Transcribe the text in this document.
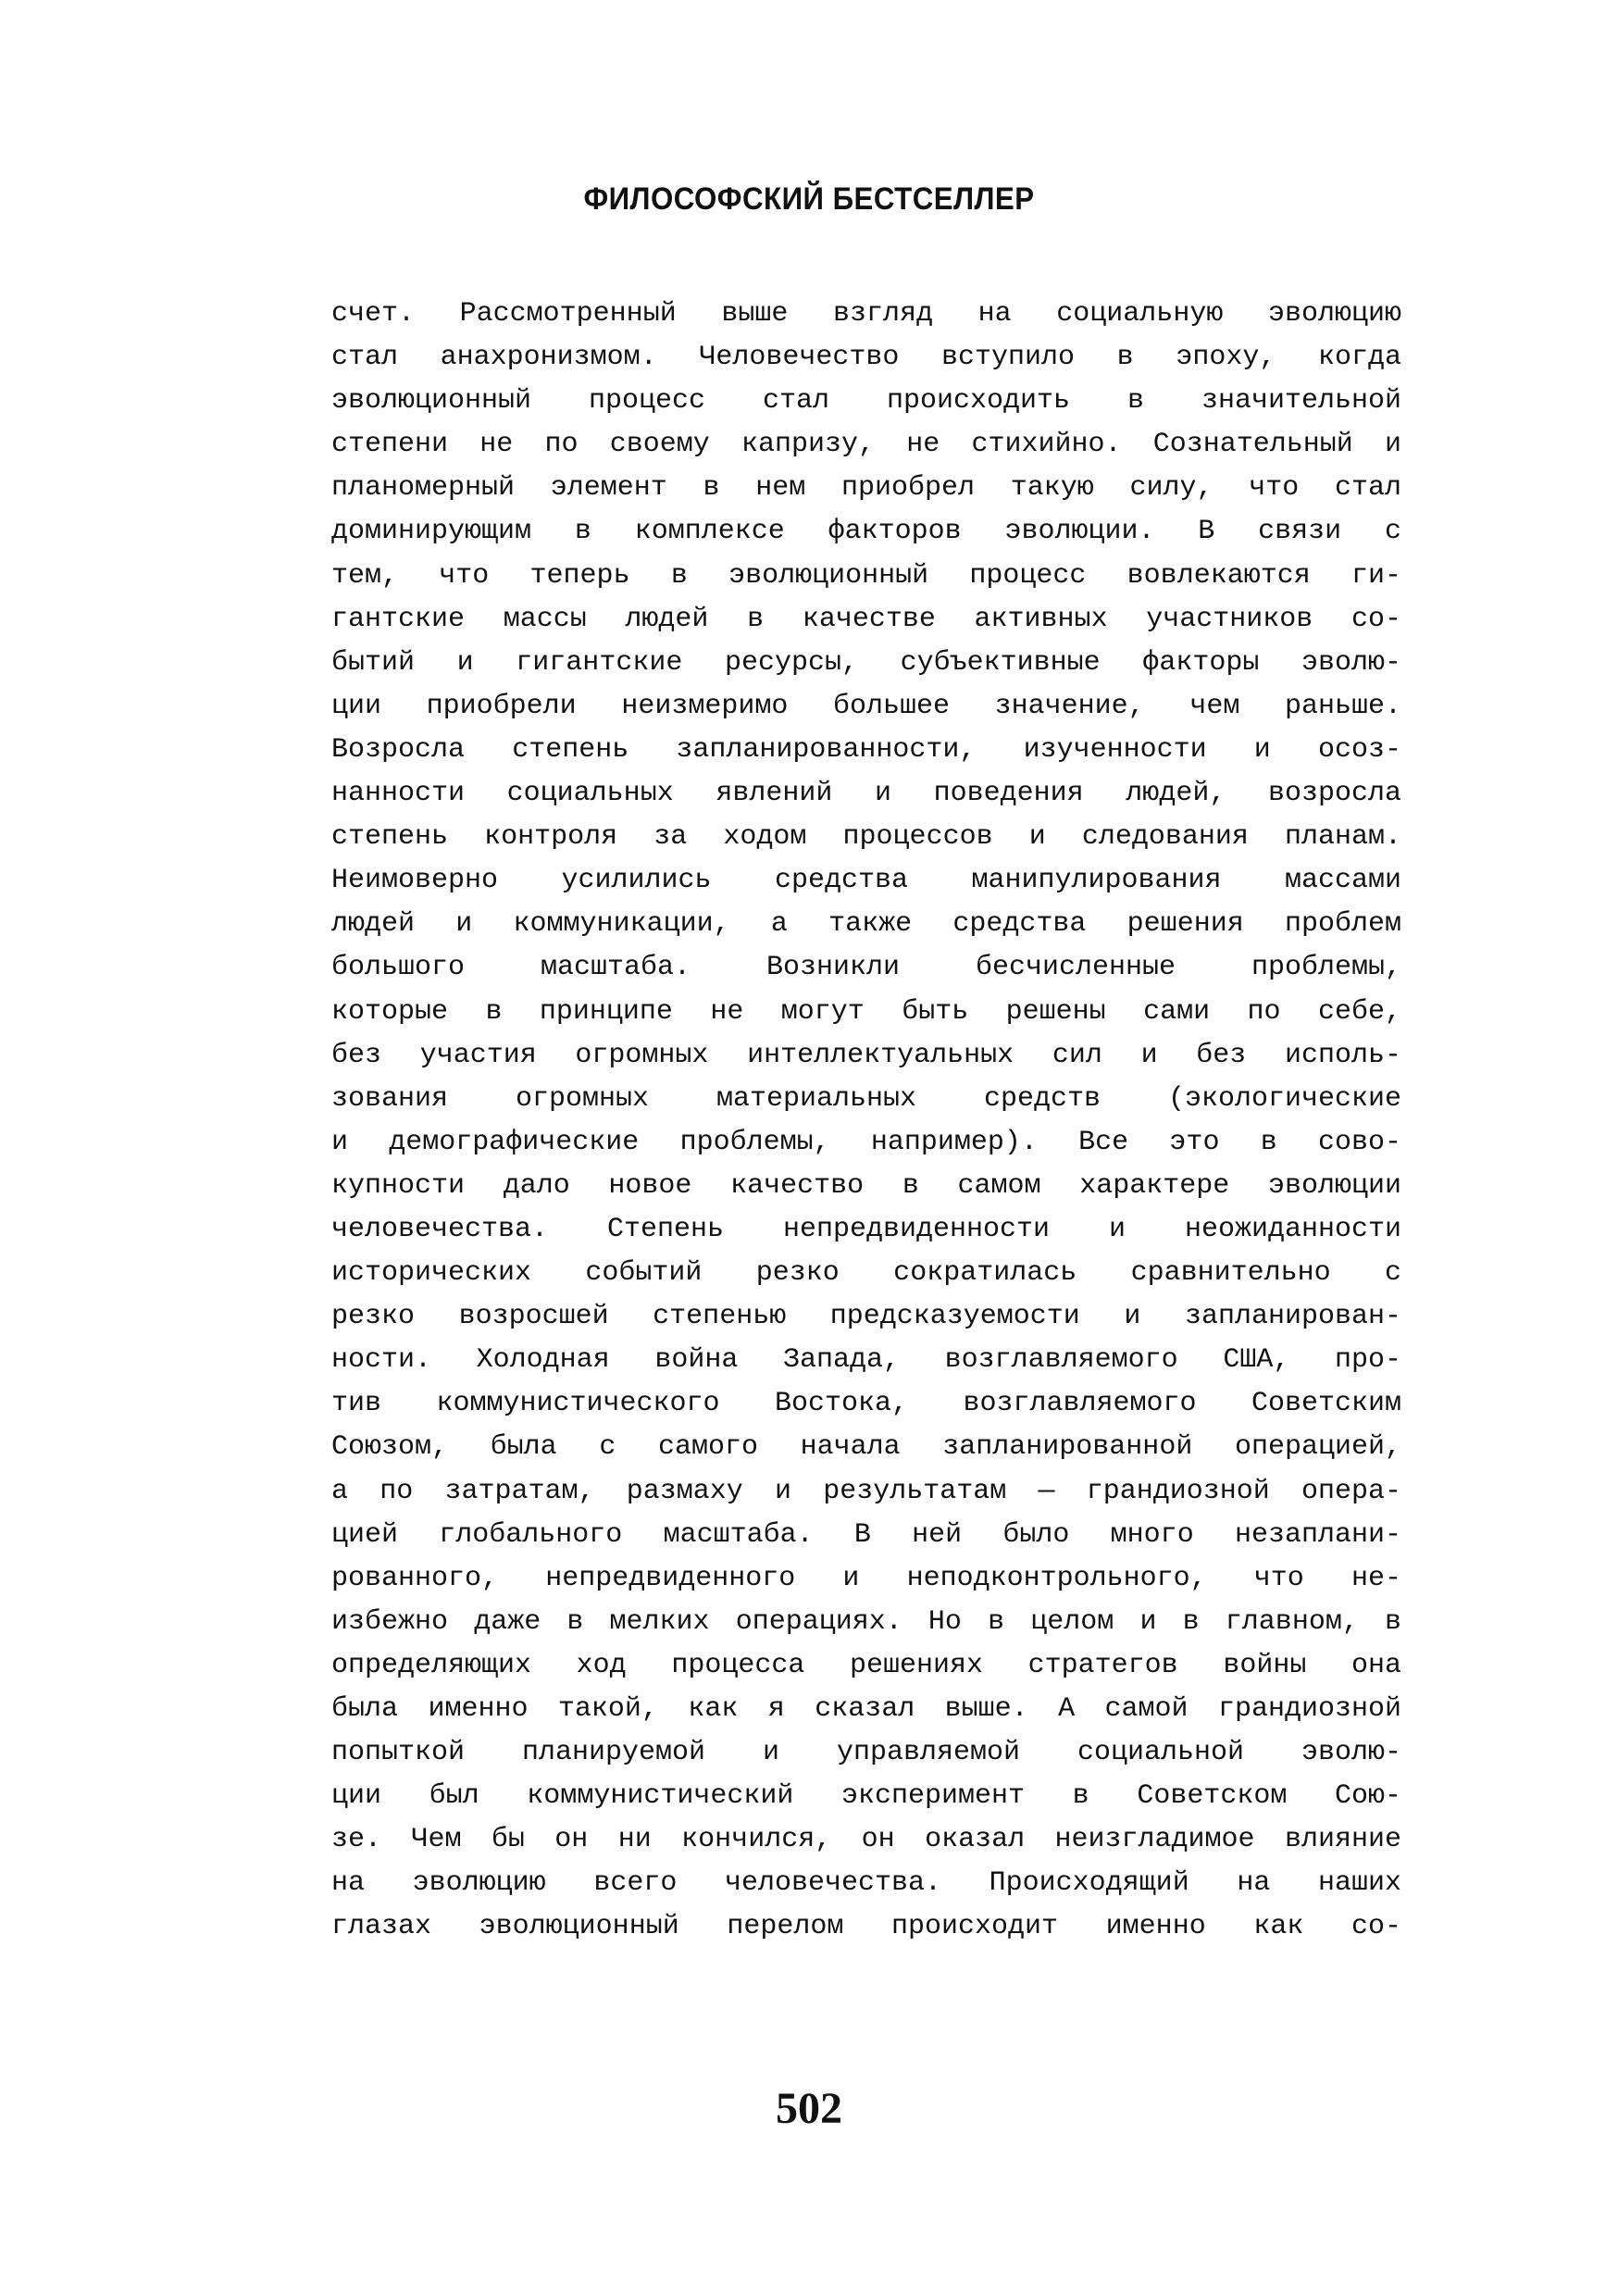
ФИЛОСОФСКИЙ БЕСТСЕЛЛЕР
счет. Рассмотренный выше взгляд на социальную эволюцию
стал анахронизмом. Человечество вступило в эпоху, когда
эволюционный процесс стал происходить в значительной
степени не по своему капризу, не стихийно. Сознательный и
планомерный элемент в нем приобрел такую силу, что стал
доминирующим в комплексе факторов эволюции. В связи с
тем, что теперь в эволюционный процесс вовлекаются ги-
гантские массы людей в качестве активных участников со-
бытий и гигантские ресурсы, субъективные факторы эволю-
ции приобрели неизмеримо большее значение, чем раньше.
Возросла степень запланированности, изученности и осоз-
нанности социальных явлений и поведения людей, возросла
степень контроля за ходом процессов и следования планам.
Неимоверно усилились средства манипулирования массами
людей и коммуникации, а также средства решения проблем
большого масштаба. Возникли бесчисленные проблемы,
которые в принципе не могут быть решены сами по себе,
без участия огромных интеллектуальных сил и без исполь-
зования огромных материальных средств (экологические
и демографические проблемы, например). Все это в сово-
купности дало новое качество в самом характере эволюции
человечества. Степень непредвиденности и неожиданности
исторических событий резко сократилась сравнительно с
резко возросшей степенью предсказуемости и запланирован-
ности. Холодная война Запада, возглавляемого США, про-
тив коммунистического Востока, возглавляемого Советским
Союзом, была с самого начала запланированной операцией,
а по затратам, размаху и результатам — грандиозной опера-
цией глобального масштаба. В ней было много незаплани-
рованного, непредвиденного и неподконтрольного, что не-
избежно даже в мелких операциях. Но в целом и в главном, в
определяющих ход процесса решениях стратегов войны она
была именно такой, как я сказал выше. А самой грандиозной
попыткой планируемой и управляемой социальной эволю-
ции был коммунистический эксперимент в Советском Сою-
зе. Чем бы он ни кончился, он оказал неизгладимое влияние
на эволюцию всего человечества. Происходящий на наших
глазах эволюционный перелом происходит именно как со-
502
